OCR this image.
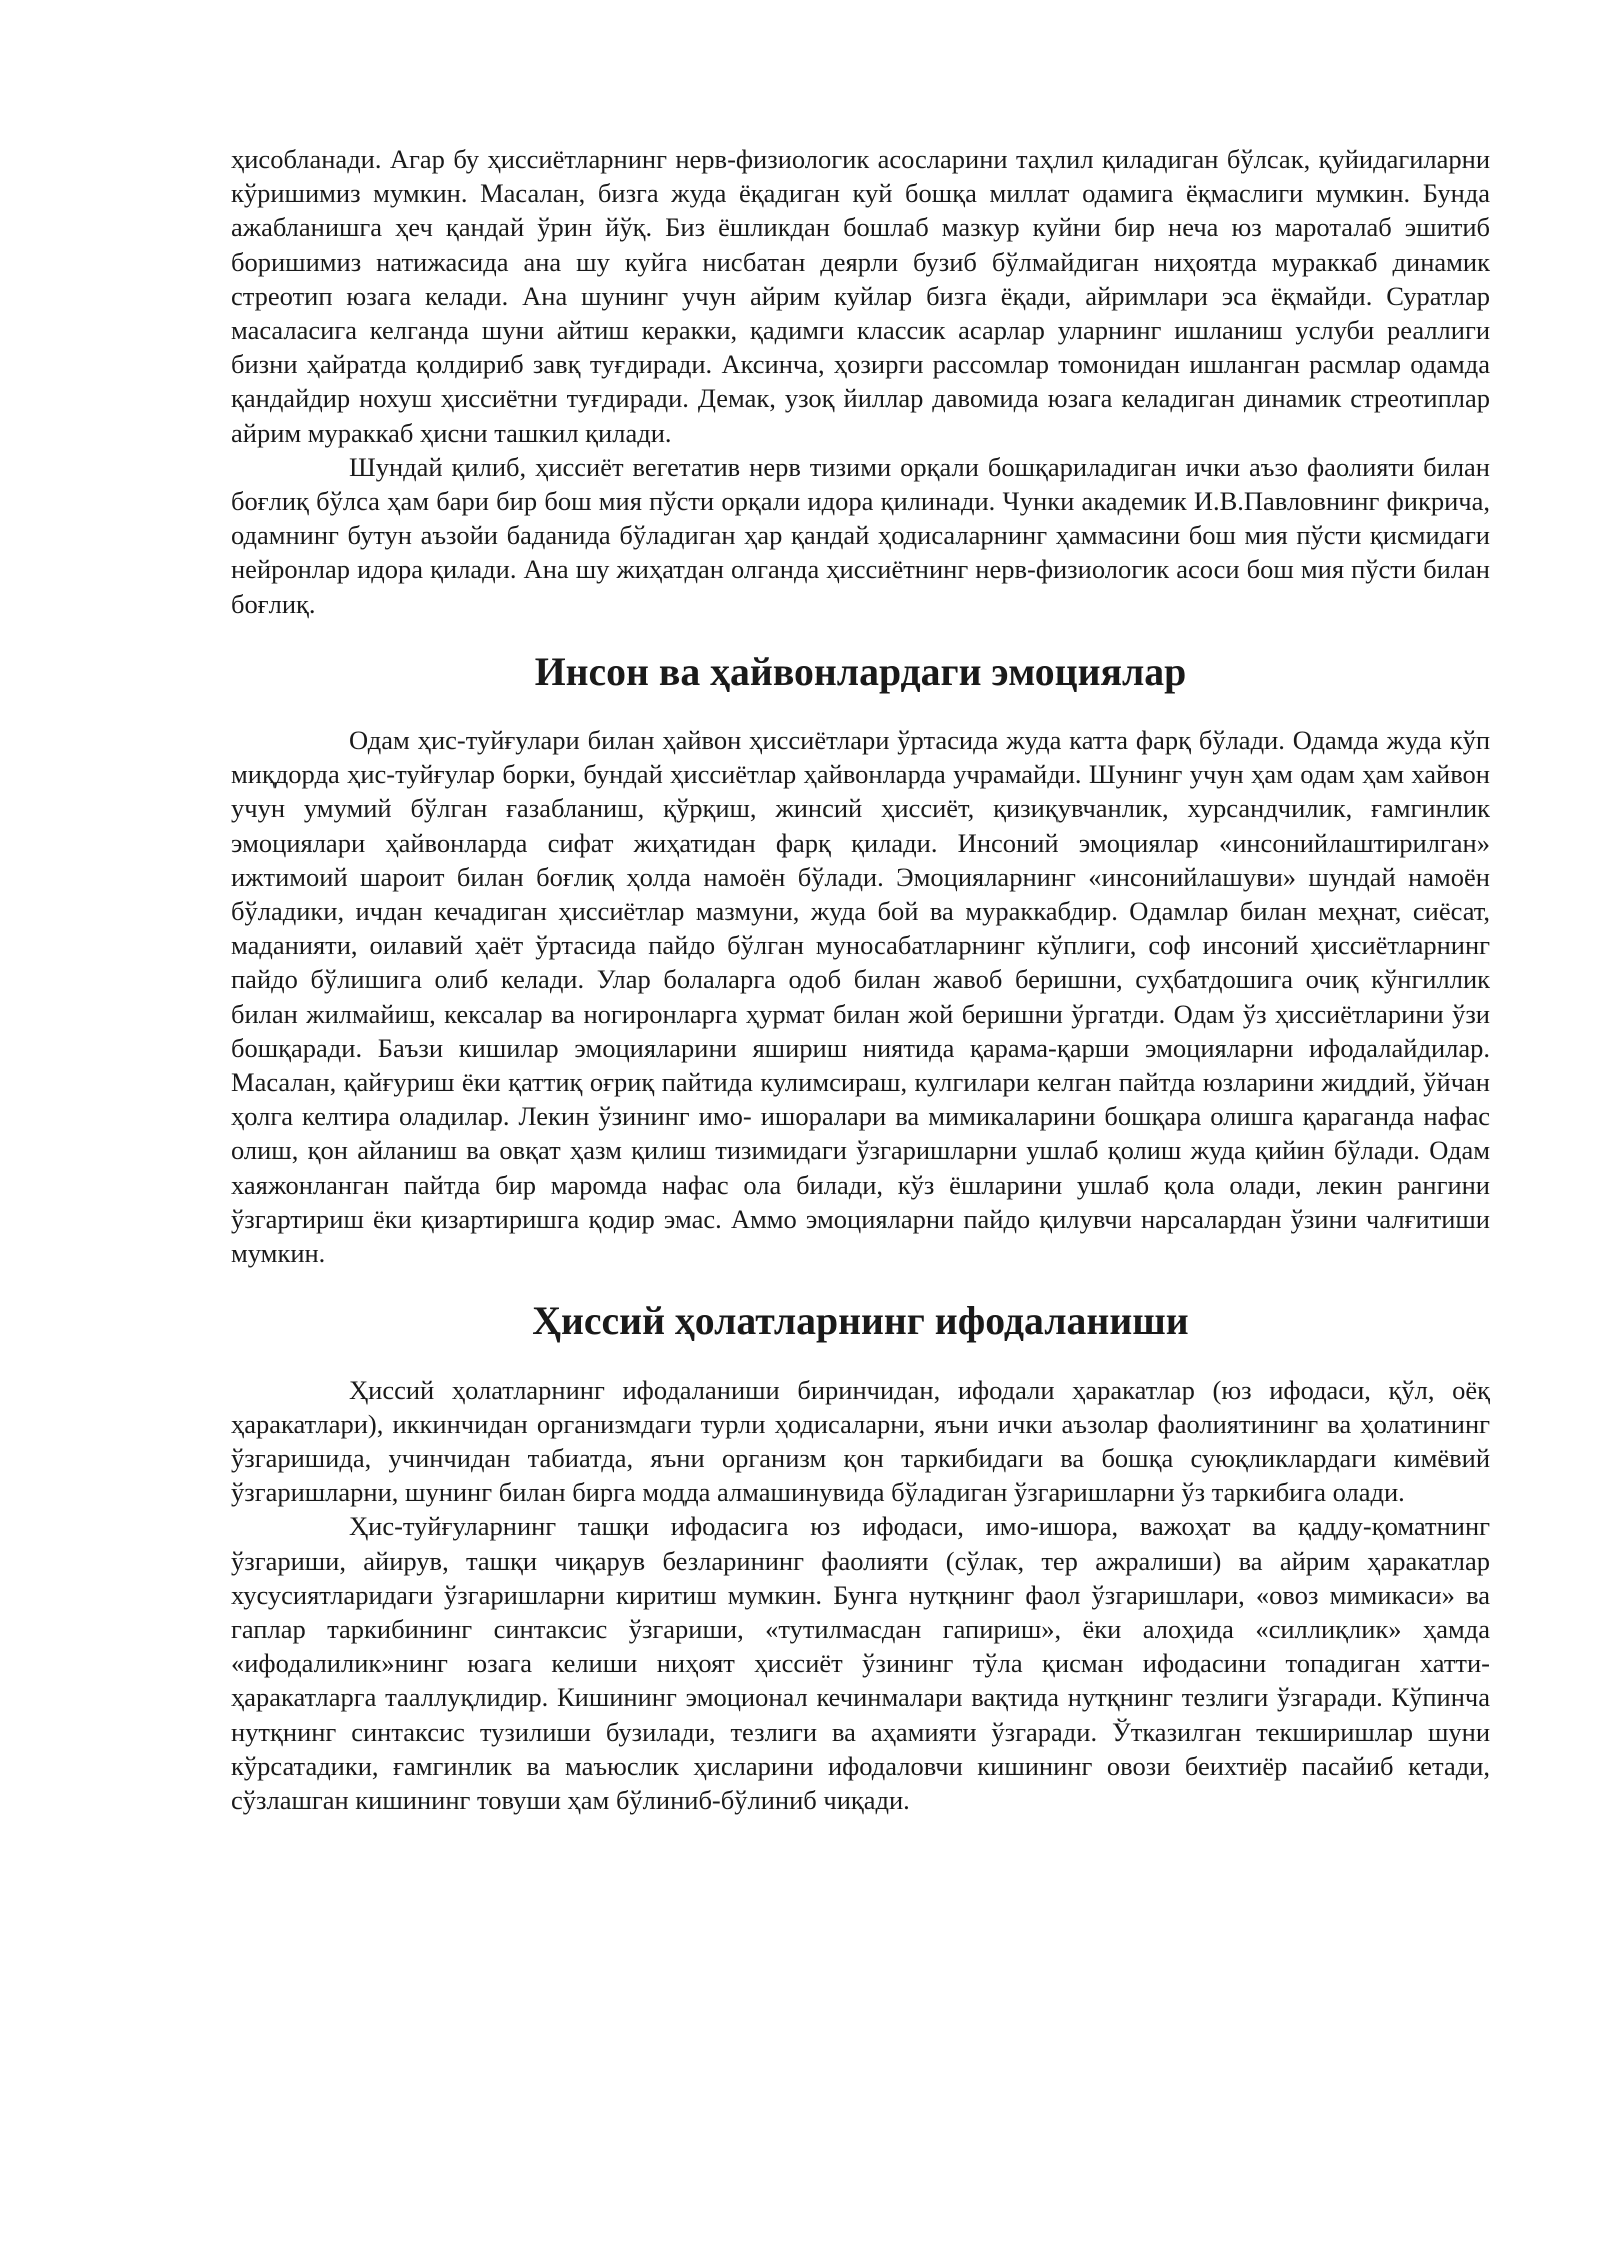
ҳисобланади. Агар бу ҳиссиётларнинг нерв-физиологик асосларини таҳлил қиладиган бўлсак, қуйидагиларни кўришимиз мумкин. Масалан, бизга жуда ёқадиган куй бошқа миллат одамига ёқмаслиги мумкин. Бунда ажабланишга ҳеч қандай ўрин йўқ. Биз ёшликдан бошлаб мазкур куйни бир неча юз мароталаб эшитиб боришимиз натижасида ана шу куйга нисбатан деярли бузиб бўлмайдиган ниҳоятда мураккаб динамик стреотип юзага келади. Ана шунинг учун айрим куйлар бизга ёқади, айримлари эса ёқмайди. Суратлар масаласига келганда шуни айтиш керакки, қадимги классик асарлар уларнинг ишланиш услуби реаллиги бизни ҳайратда қолдириб завқ туғдиради. Аксинча, ҳозирги рассомлар томонидан ишланган расмлар одамда қандайдир нохуш ҳиссиётни туғдиради. Демак, узоқ йиллар давомида юзага келадиган динамик стреотиплар айрим мураккаб ҳисни ташкил қилади.

Шундай қилиб, ҳиссиёт вегетатив нерв тизими орқали бошқариладиган ички аъзо фаолияти билан боғлиқ бўлса ҳам бари бир бош мия пўсти орқали идора қилинади. Чунки академик И.В.Павловнинг фикрича, одамнинг бутун аъзойи баданида бўладиган ҳар қандай ҳодисаларнинг ҳаммасини бош мия пўсти қисмидаги нейронлар идора қилади. Ана шу жиҳатдан олганда ҳиссиётнинг нерв-физиологик асоси бош мия пўсти билан боғлиқ.

Инсон ва ҳайвонлардаги эмоциялар

Одам ҳис-туйғулари билан ҳайвон ҳиссиётлари ўртасида жуда катта фарқ бўлади. Одамда жуда кўп миқдорда ҳис-туйғулар борки, бундай ҳиссиётлар ҳайвонларда учрамайди. Шунинг учун ҳам одам ҳам хайвон учун умумий бўлган ғазабланиш, қўрқиш, жинсий ҳиссиёт, қизиқувчанлик, хурсандчилик, ғамгинлик эмоциялари ҳайвонларда сифат жиҳатидан фарқ қилади. Инсоний эмоциялар «инсонийлаштирилган» ижтимоий шароит билан боғлиқ ҳолда намоён бўлади. Эмоцияларнинг «инсонийлашуви» шундай намоён бўладики, ичдан кечадиган ҳиссиётлар мазмуни, жуда бой ва мураккабдир. Одамлар билан меҳнат, сиёсат, маданияти, оилавий ҳаёт ўртасида пайдо бўлган муносабатларнинг кўплиги, соф инсоний ҳиссиётларнинг пайдо бўлишига олиб келади. Улар болаларга одоб билан жавоб беришни, суҳбатдошига очиқ кўнгиллик билан жилмайиш, кексалар ва ногиронларга ҳурмат билан жой беришни ўргатди. Одам ўз ҳиссиётларини ўзи бошқаради. Баъзи кишилар эмоцияларини яшириш ниятида қарама-қарши эмоцияларни ифодалайдилар. Масалан, қайғуриш ёки қаттиқ оғриқ пайтида кулимсираш, кулгилари келган пайтда юзларини жиддий, ўйчан ҳолга келтира оладилар. Лекин ўзининг имо- ишоралари ва мимикаларини бошқара олишга қараганда нафас олиш, қон айланиш ва овқат ҳазм қилиш тизимидаги ўзгаришларни ушлаб қолиш жуда қийин бўлади. Одам хаяжонланган пайтда бир маромда нафас ола билади, кўз ёшларини ушлаб қола олади, лекин рангини ўзгартириш ёки қизартиришга қодир эмас. Аммо эмоцияларни пайдо қилувчи нарсалардан ўзини чалғитиши мумкин.

Ҳиссий ҳолатларнинг ифодаланиши

Ҳиссий ҳолатларнинг ифодаланиши биринчидан, ифодали ҳаракатлар (юз ифодаси, қўл, оёқ ҳаракатлари), иккинчидан организмдаги турли ҳодисаларни, яъни ички аъзолар фаолиятининг ва ҳолатининг ўзгаришида, учинчидан табиатда, яъни организм қон таркибидаги ва бошқа суюқликлардаги кимёвий ўзгаришларни, шунинг билан бирга модда алмашинувида бўладиган ўзгаришларни ўз таркибига олади.

Ҳис-туйғуларнинг ташқи ифодасига юз ифодаси, имо-ишора, важоҳат ва қадду-қоматнинг ўзгариши, айирув, ташқи чиқарув безларининг фаолияти (сўлак, тер ажралиши) ва айрим ҳаракатлар хусусиятларидаги ўзгаришларни киритиш мумкин. Бунга нутқнинг фаол ўзгаришлари, «овоз мимикаси» ва гаплар таркибининг синтаксис ўзгариши, «тутилмасдан гапириш», ёки алоҳида «силлиқлик» ҳамда «ифодалилик»нинг юзага келиши ниҳоят ҳиссиёт ўзининг тўла қисман ифодасини топадиган хатти-ҳаракатларга тааллуқлидир. Кишининг эмоционал кечинмалари вақтида нутқнинг тезлиги ўзгаради. Кўпинча нутқнинг синтаксис тузилиши бузилади, тезлиги ва аҳамияти ўзгаради. Ўтказилган текширишлар шуни кўрсатадики, ғамгинлик ва маъюслик ҳисларини ифодаловчи кишининг овози беихтиёр пасайиб кетади, сўзлашган кишининг товуши ҳам бўлиниб-бўлиниб чиқади.
